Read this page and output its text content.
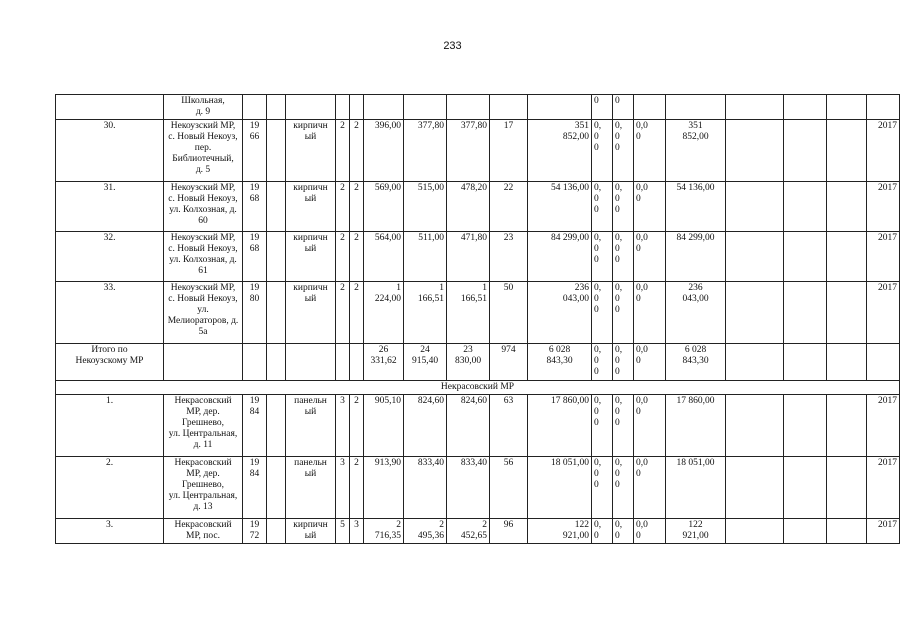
233
	Школьная,
д. 9											0	0						
30.	Некоузский МР,
с. Новый Некоуз,
пер.
Библиотечный,
д. 5	19
66		кирпичн
ый	2	2	396,00	377,80	377,80	17	351
852,00	0,
0
0	0,
0
0	0,0
0	351
852,00				2017
31.	Некоузский МР,
с. Новый Некоуз,
ул. Колхозная, д.
60	19
68		кирпичн
ый	2	2	569,00	515,00	478,20	22	54 136,00	0,
0
0	0,
0
0	0,0
0	54 136,00				2017
32.	Некоузский МР,
с. Новый Некоуз,
ул. Колхозная, д.
61	19
68		кирпичн
ый	2	2	564,00	511,00	471,80	23	84 299,00	0,
0
0	0,
0
0	0,0
0	84 299,00				2017
33.	Некоузский МР,
с. Новый Некоуз,
ул.
Мелиораторов, д.
5а	19
80		кирпичн
ый	2	2	1
224,00	1
166,51	1
166,51	50	236
043,00	0,
0
0	0,
0
0	0,0
0	236
043,00				2017
Итого по
Некоузскому МР							26
331,62	24
915,40	23
830,00	974	6 028
843,30	0,
0
0	0,
0
0	0,0
0	6 028
843,30				
Некрасовский МР																			
1.	Некрасовский
МР, дер.
Грешнево,
ул. Центральная,
д. 11	19
84		панельн
ый	3	2	905,10	824,60	824,60	63	17 860,00	0,
0
0	0,
0
0	0,0
0	17 860,00				2017
2.	Некрасовский
МР, дер.
Грешнево,
ул. Центральная,
д. 13	19
84		панельн
ый	3	2	913,90	833,40	833,40	56	18 051,00	0,
0
0	0,
0
0	0,0
0	18 051,00				2017
3.	Некрасовский
МР, пос.	19
72		кирпичн
ый	5	3	2
716,35	2
495,36	2
452,65	96	122
921,00	0,
0	0,
0	0,0
0	122
921,00				2017
